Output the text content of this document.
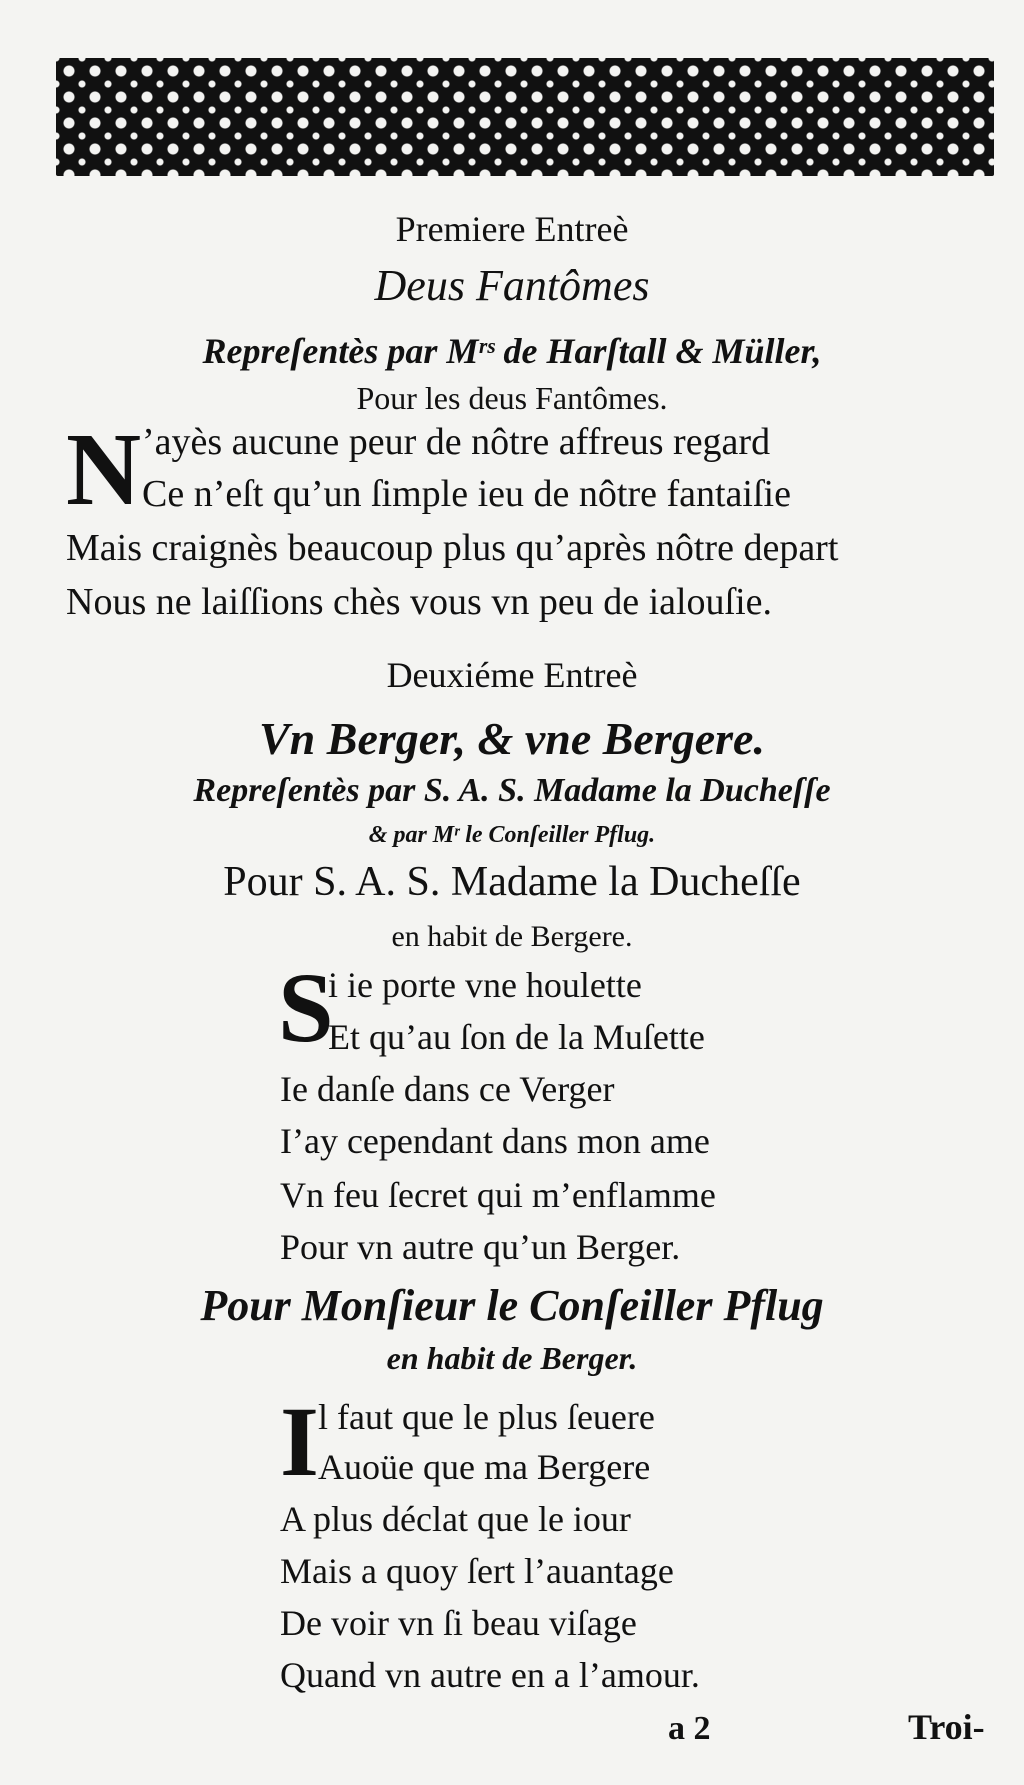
Premiere Entreè
Deus Fantômes
Repreſentès par Mʳˢ de Harſtall & Müller,
Pour les deus Fantômes.
N ’ayès aucune peur de nôtre affreus regard
Ce n’eſt qu’un ſimple ieu de nôtre fantaiſie
Mais craignès beaucoup plus qu’après nôtre depart
Nous ne laiſſions chès vous vn peu de ialouſie.
Deuxiéme Entreè
Vn Berger, & vne Bergere.
Repreſentès par S. A. S. Madame la Ducheſſe
& par Mʳ le Conſeiller Pflug.
Pour S. A. S. Madame la Ducheſſe
en habit de Bergere.
S
i ie porte vne houlette
Et qu’au ſon de la Muſette
Ie danſe dans ce Verger
I’ay cependant dans mon ame
Vn feu ſecret qui m’enflamme
Pour vn autre qu’un Berger.
Pour Monſieur le Conſeiller Pflug
en habit de Berger.
I l faut que le plus ſeuere
Auoüe que ma Bergere
A plus déclat que le iour
Mais a quoy ſert l’auantage
De voir vn ſi beau viſage
Quand vn autre en a l’amour.
a 2	Troi-
